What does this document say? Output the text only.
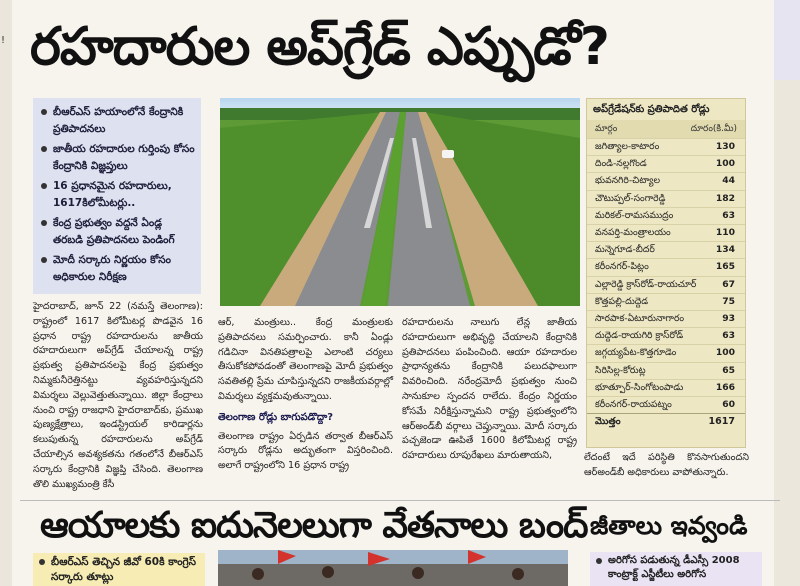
! రహదారుల అప్‌గ్రేడ్ ఎప్పుడో?
బీఆర్ఎస్ హయాంలోనే కేంద్రానికి ప్రతిపాదనలు
జాతీయ రహదారుల గుర్తింపు కోసం కేంద్రానికి విజ్ఞప్తులు
16 ప్రధానమైన రహదారులు, 1617కిలోమీటర్లు..
కేంద్ర ప్రభుత్వం వద్దనే ఏండ్ల తరబడి ప్రతిపాదనలు పెండింగ్
మోదీ సర్కారు నిర్ణయం కోసం అధికారుల నిరీక్షణ
హైదరాబాద్, జూన్ 22 (నమస్తే తెలంగాణ): రాష్ట్రంలో 1617 కిలోమీటర్ల పొడవైన 16 ప్రధాన రాష్ట్ర రహదారులను జాతీయ రహదారులుగా అప్‌గ్రేడ్ చేయాలన్న రాష్ట్ర ప్రభుత్వ ప్రతిపాదనలపై కేంద్ర ప్రభుత్వం నిమ్మకునీరెత్తినట్టు వ్యవహరిస్తున్నదని విమర్శలు వెల్లువెత్తుతున్నాయి. జిల్లా కేంద్రాలు నుంచి రాష్ట్ర రాజధాని హైదరాబాద్‌కు, ప్రముఖ పుణ్యక్షేత్రాలు, ఇండస్ట్రియల్ కారిడార్లను కలుపుతున్న రహదారులను అప్‌గ్రేడ్ చేయాల్సిన అవశ్యకతను గతంలోనే బీఆర్ఎస్ సర్కారు కేంద్రానికి విజ్ఞప్తి చేసింది. తెలంగాణ తొలి ముఖ్యమంత్రి కేసీ
ఆర్, మంత్రులు.. కేంద్ర మంత్రులకు ప్రతిపాదనలు సమర్పించారు. కానీ ఏండ్లు గడిచినా వినతిపత్రాలపై ఎలాంటి చర్యలు తీసుకోకపోవడంతో తెలంగాణపై మోదీ ప్రభుత్వం సవతితల్లి ప్రేమ చూపిస్తున్నదని రాజకీయవర్గాల్లో విమర్శలు వ్యక్తమవుతున్నాయి.
తెలంగాణ రోడ్లు బాగుపడొద్దా?
తెలంగాణ రాష్ట్రం ఏర్పడిన తర్వాత బీఆర్ఎస్ సర్కారు రోడ్లను అద్భుతంగా విస్తరించింది. అలాగే రాష్ట్రంలోని 16 ప్రధాన రాష్ట్ర
రహదారులను నాలుగు లేన్ల జాతీయ రహదారులుగా అభివృద్ధి చేయాలని కేంద్రానికి ప్రతిపాదనలు పంపించింది. ఆయా రహదారుల ప్రాధాన్యతను కేంద్రానికి పలుదఫాలుగా వివరించింది. నరేంద్రమోదీ ప్రభుత్వం నుంచి సానుకూల స్పందన రాలేదు. కేంద్రం నిర్ణయం కోసమే నిరీక్షిస్తున్నామని రాష్ట్ర ప్రభుత్వంలోని ఆర్అండ్‌బీ వర్గాలు చెప్తున్నాయి. మోదీ సర్కారు పచ్చజెండా ఊపితే 1600 కిలోమీటర్ల రాష్ట్ర రహదారులు రూపురేఖలు మారుతాయని,
అప్‌గ్రేడేషన్‌కు ప్రతిపాదిత రోడ్లు
మార్గం	దూరం(కి.మీ)
జగిత్యాల-కాటారం	130
దిండి-నల్లగొండ	100
భువనగిరి-చిట్యాల	44
చౌటుప్పల్-సంగారెడ్డి	182
మరికల్-రామసముద్రం	63
వనపర్తి-మంత్రాలయం	110
మన్నెగూడ-బీదర్	134
కరీంనగర్-పిట్లం	165
ఎల్లారెడ్డి క్రాస్‌రోడ్-రాయచూర్	67
కొత్తపల్లి-దుద్దెడ	75
సారపాక-ఏటూరునాగారం	93
దుద్దెడ-రాయగిరి క్రాస్‌రోడ్	63
జగ్గయ్యపేట-కొత్తగూడెం	100
సిరిసిల్ల-కోరుట్ల	65
భూత్పూర్-సింగోటంపాడు	166
కరీంనగర్-రాయపట్నం	60
మొత్తం	1617
లేదంటే ఇదే పరిస్థితి కొనసాగుతుందని ఆర్అండ్‌బీ అధికారులు వాపోతున్నారు.
ఆయాలకు ఐదునెలలుగా వేతనాలు బంద్ జీతాలు ఇవ్వండి
బీఆర్ఎస్ తెచ్చిన జీవో 60కి కాంగ్రెస్ సర్కారు తూట్లు
అరిగోస పడుతున్న డీఎస్సీ 2008 కాంట్రాక్ట్ ఎస్జీటీలు అరిగోస
